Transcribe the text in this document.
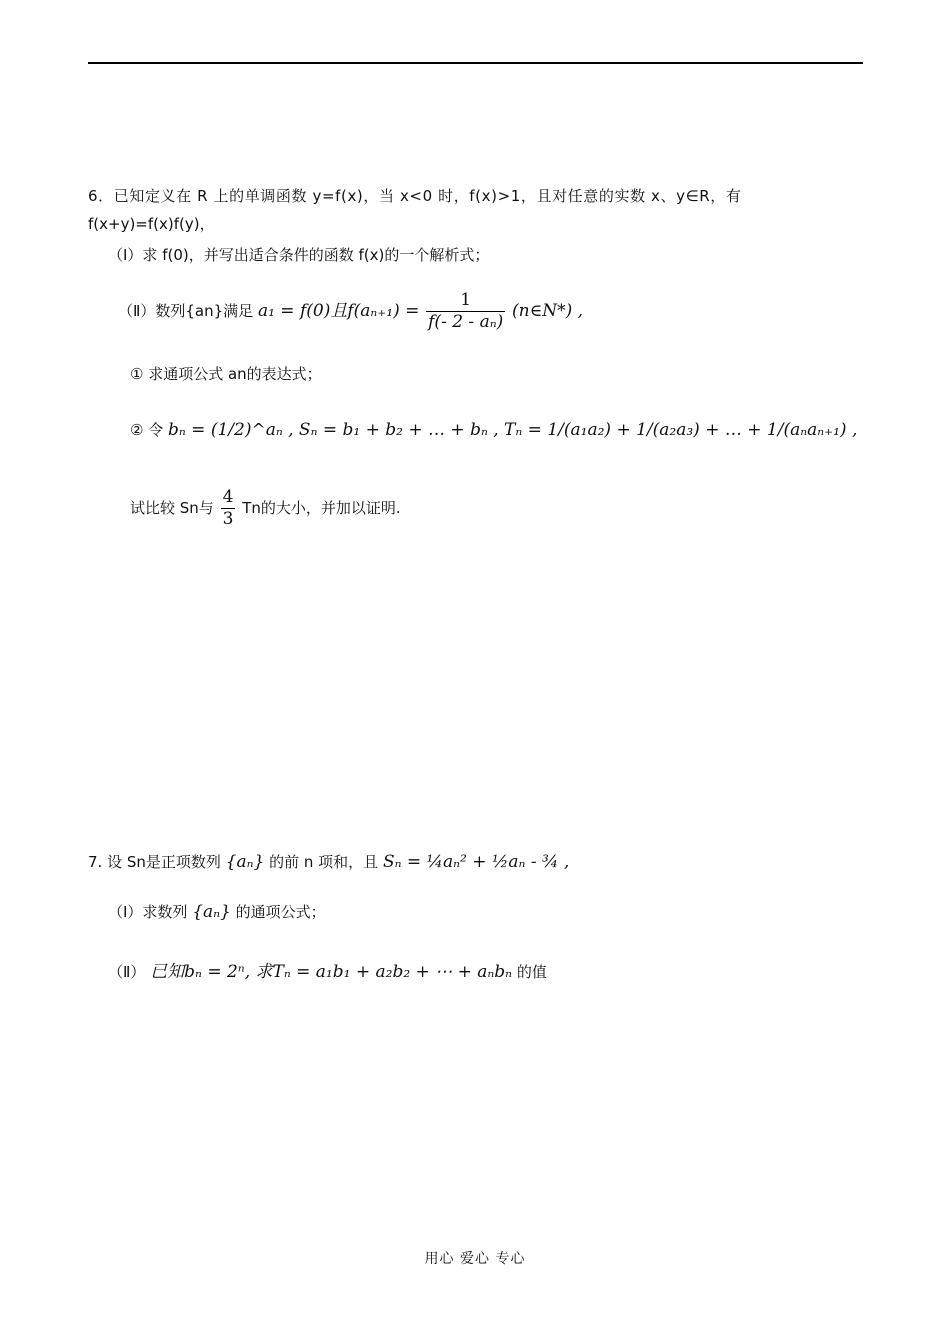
6．已知定义在 R 上的单调函数 y=f(x)，当 x<0 时，f(x)>1，且对任意的实数 x、y∈R，有
f(x+y)=f(x)f(y)，
（Ⅰ）求 f(0)，并写出适合条件的函数 f(x)的一个解析式；
（Ⅱ）数列{an}满足 a₁ = f(0)且$f(a_{n+1}) = \frac{1}{\text{f(- 2 - aₙ)}}$ (n∈N*) ,
① 求通项公式 an的表达式；
② 令 bₙ = (1/2)^aₙ , Sₙ = b₁ + b₂ + … + bₙ , Tₙ = 1/(a₁a₂) + 1/(a₂a₃) + … + 1/(aₙaₙ₊₁) ,
试比较 Sn与 $\frac{4}{3}$ Tn的大小，并加以证明.
7. 设 Sn是正项数列 {aₙ} 的前 n 项和，且 Sₙ = ¼aₙ² + ½aₙ - ¾ ,
（Ⅰ）求数列 {aₙ} 的通项公式；
（Ⅱ） 已知bₙ = 2ⁿ, 求Tₙ = a₁b₁ + a₂b₂ + ⋯ + aₙbₙ 的值
用心 爱心 专心
